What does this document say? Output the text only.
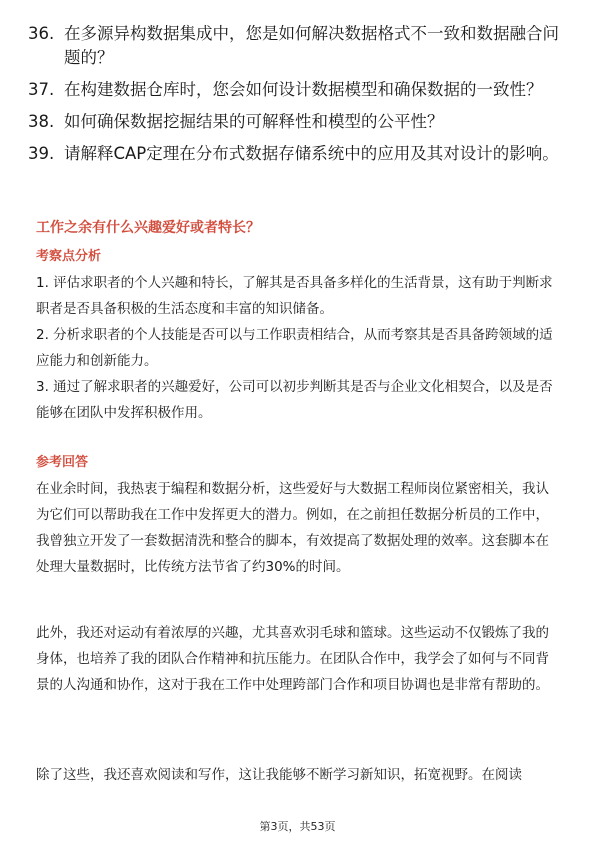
36. 在多源异构数据集成中，您是如何解决数据格式不一致和数据融合问题的？
37. 在构建数据仓库时，您会如何设计数据模型和确保数据的一致性？
38. 如何确保数据挖掘结果的可解释性和模型的公平性？
39. 请解释CAP定理在分布式数据存储系统中的应用及其对设计的影响。
工作之余有什么兴趣爱好或者特长？
考察点分析

1. 评估求职者的个人兴趣和特长，了解其是否具备多样化的生活背景，这有助于判断求职者是否具备积极的生活态度和丰富的知识储备。

2. 分析求职者的个人技能是否可以与工作职责相结合，从而考察其是否具备跨领域的适应能力和创新能力。

3. 通过了解求职者的兴趣爱好，公司可以初步判断其是否与企业文化相契合，以及是否能够在团队中发挥积极作用。

参考回答

在业余时间，我热衷于编程和数据分析，这些爱好与大数据工程师岗位紧密相关，我认为它们可以帮助我在工作中发挥更大的潜力。例如，在之前担任数据分析员的工作中，我曾独立开发了一套数据清洗和整合的脚本，有效提高了数据处理的效率。这套脚本在处理大量数据时，比传统方法节省了约30%的时间。

此外，我还对运动有着浓厚的兴趣，尤其喜欢羽毛球和篮球。这些运动不仅锻炼了我的身体，也培养了我的团队合作精神和抗压能力。在团队合作中，我学会了如何与不同背景的人沟通和协作，这对于我在工作中处理跨部门合作和项目协调也是非常有帮助的。

除了这些，我还喜欢阅读和写作，这让我能够不断学习新知识，拓宽视野。在阅读

第3页，共53页
